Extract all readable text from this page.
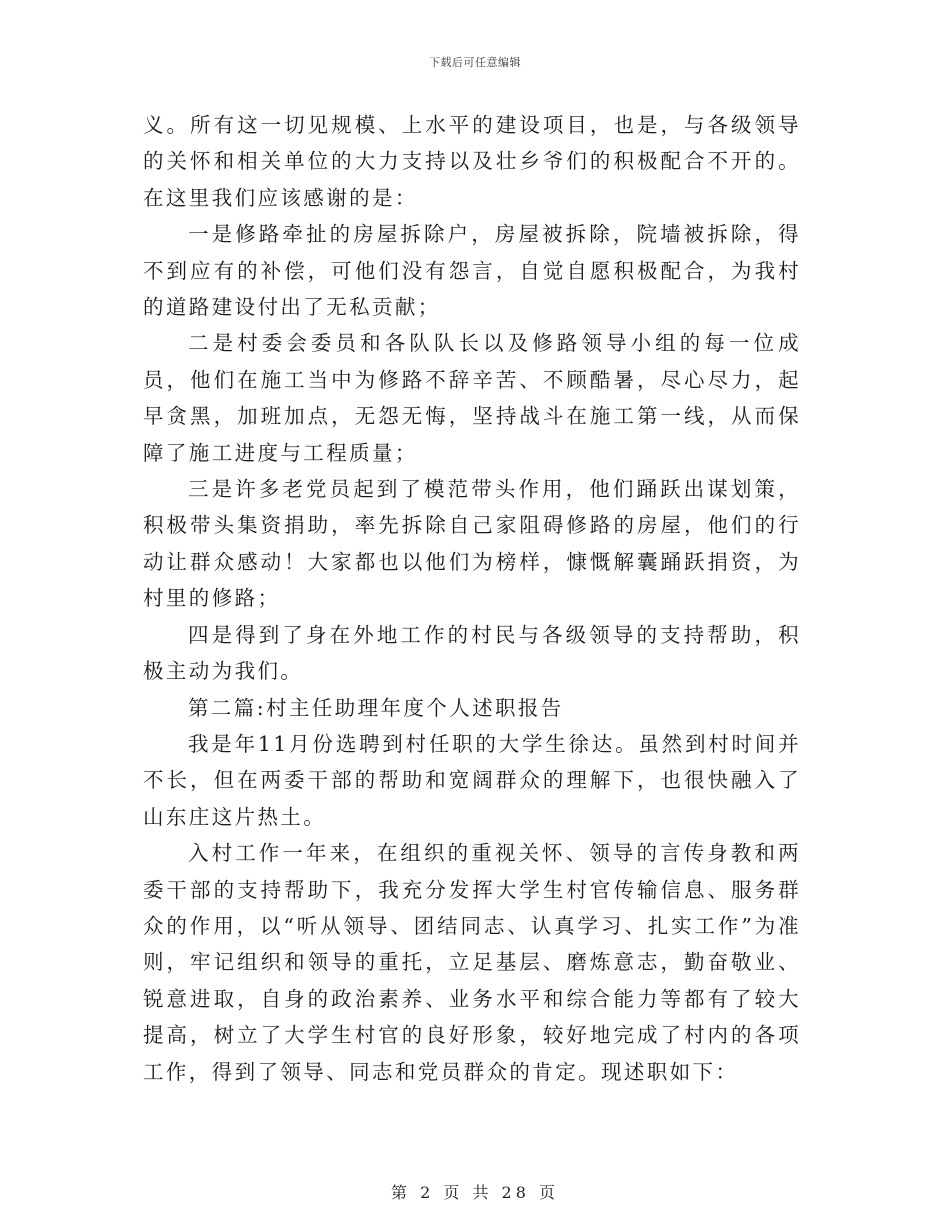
下载后可任意编辑

义。所有这一切见规模、上水平的建设项目，也是，与各级领导的关怀和相关单位的大力支持以及壮乡爷们的积极配合不开的。在这里我们应该感谢的是：

一是修路牵扯的房屋拆除户，房屋被拆除，院墙被拆除，得不到应有的补偿，可他们没有怨言，自觉自愿积极配合，为我村的道路建设付出了无私贡献；

二是村委会委员和各队队长以及修路领导小组的每一位成员，他们在施工当中为修路不辞辛苦、不顾酷暑，尽心尽力，起早贪黑，加班加点，无怨无悔，坚持战斗在施工第一线，从而保障了施工进度与工程质量；

三是许多老党员起到了模范带头作用，他们踊跃出谋划策，积极带头集资捐助，率先拆除自己家阻碍修路的房屋，他们的行动让群众感动！大家都也以他们为榜样，慷慨解囊踊跃捐资，为村里的修路；

四是得到了身在外地工作的村民与各级领导的支持帮助，积极主动为我们。

第二篇:村主任助理年度个人述职报告

我是年11月份选聘到村任职的大学生徐达。虽然到村时间并不长，但在两委干部的帮助和宽阔群众的理解下，也很快融入了山东庄这片热土。

入村工作一年来，在组织的重视关怀、领导的言传身教和两委干部的支持帮助下，我充分发挥大学生村官传输信息、服务群众的作用，以“听从领导、团结同志、认真学习、扎实工作”为准则，牢记组织和领导的重托，立足基层、磨炼意志，勤奋敬业、锐意进取，自身的政治素养、业务水平和综合能力等都有了较大提高，树立了大学生村官的良好形象，较好地完成了村内的各项工作，得到了领导、同志和党员群众的肯定。现述职如下：

第 2 页 共 28 页
